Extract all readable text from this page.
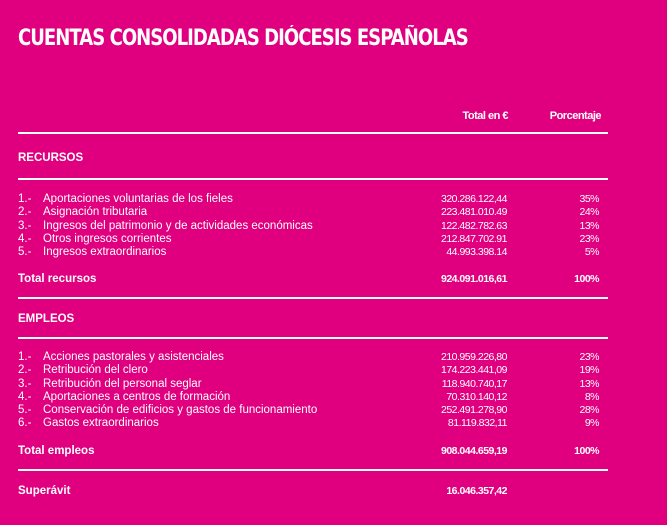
CUENTAS CONSOLIDADAS DIÓCESIS ESPAÑOLAS
Total en €	Porcentaje
RECURSOS
1.-	Aportaciones voluntarias de los fieles	320.286.122,44	35%
2.-	Asignación tributaria	223.481.010.49	24%
3.-	Ingresos del patrimonio y de actividades económicas	122.482.782.63	13%
4.-	Otros ingresos corrientes	212.847.702.91	23%
5.-	Ingresos extraordinarios	44.993.398.14	5%
Total recursos	924.091.016,61	100%
EMPLEOS
1.-	Acciones pastorales y asistenciales	210.959.226,80	23%
2.-	Retribución del clero	174.223.441,09	19%
3.-	Retribución del personal seglar	118.940.740,17	13%
4.-	Aportaciones a centros de formación	70.310.140,12	8%
5.-	Conservación de edificios y gastos de funcionamiento	252.491.278,90	28%
6.-	Gastos extraordinarios	81.119.832,11	9%
Total empleos	908.044.659,19	100%
Superávit	16.046.357,42
